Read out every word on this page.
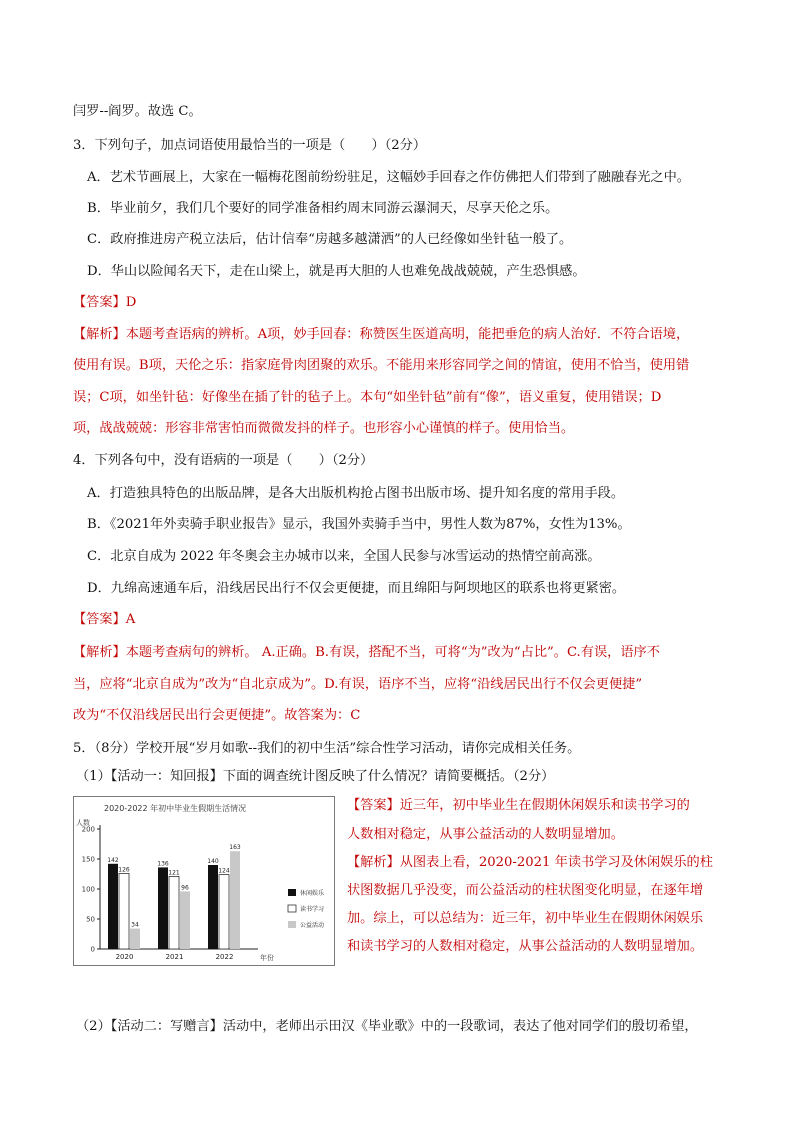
闫罗--阎罗。故选 C。
3．下列句子，加点词语使用最恰当的一项是（　　）（2分）
A．艺术节画展上，大家在一幅梅花图前纷纷驻足，这幅妙手回春之作仿佛把人们带到了融融春光之中。
B．毕业前夕，我们几个要好的同学准备相约周末同游云瀑洞天，尽享天伦之乐。
C．政府推进房产税立法后，估计信奉“房越多越潇洒”的人已经像如坐针毡一般了。
D．华山以险闻名天下，走在山梁上，就是再大胆的人也难免战战兢兢，产生恐惧感。
【答案】D
【解析】本题考查语病的辨析。A项，妙手回春：称赞医生医道高明，能把垂危的病人治好．不符合语境，
使用有误。B项，天伦之乐：指家庭骨肉团聚的欢乐。不能用来形容同学之间的情谊，使用不恰当，使用错
误；C项，如坐针毡：好像坐在插了针的毡子上。本句“如坐针毡”前有“像”，语义重复，使用错误；D
项，战战兢兢：形容非常害怕而微微发抖的样子。也形容小心谨慎的样子。使用恰当。
4．下列各句中，没有语病的一项是（　　）（2分）
A．打造独具特色的出版品牌，是各大出版机构抢占图书出版市场、提升知名度的常用手段。
B．《2021年外卖骑手职业报告》显示，我国外卖骑手当中，男性人数为87%，女性为13%。
C．北京自成为 2022 年冬奥会主办城市以来，全国人民参与冰雪运动的热情空前高涨。
D．九绵高速通车后，沿线居民出行不仅会更便捷，而且绵阳与阿坝地区的联系也将更紧密。
【答案】A
【解析】本题考查病句的辨析。 A.正确。B.有误，搭配不当，可将“为”改为“占比”。C.有误，语序不
当，应将“北京自成为”改为“自北京成为”。D.有误，语序不当，应将“沿线居民出行不仅会更便捷”
改为“不仅沿线居民出行会更便捷”。故答案为：C
5．（8分）学校开展“岁月如歌--我们的初中生活”综合性学习活动，请你完成相关任务。
（1）【活动一：知回报】下面的调查统计图反映了什么情况？请简要概括。（2分）
2020-2022 年初中毕业生假期生活情况
人数
年份
0
50
100
150
200
142
126
34
2020
136
121
96
2021
140
124
163
2022
休闲娱乐
读书学习
公益活动
【答案】近三年，初中毕业生在假期休闲娱乐和读书学习的
人数相对稳定，从事公益活动的人数明显增加。
【解析】从图表上看，2020-2021 年读书学习及休闲娱乐的柱
状图数据几乎没变，而公益活动的柱状图变化明显，在逐年增
加。综上，可以总结为：近三年，初中毕业生在假期休闲娱乐
和读书学习的人数相对稳定，从事公益活动的人数明显增加。
（2）【活动二：写赠言】活动中，老师出示田汉《毕业歌》中的一段歌词，表达了他对同学们的殷切希望，
